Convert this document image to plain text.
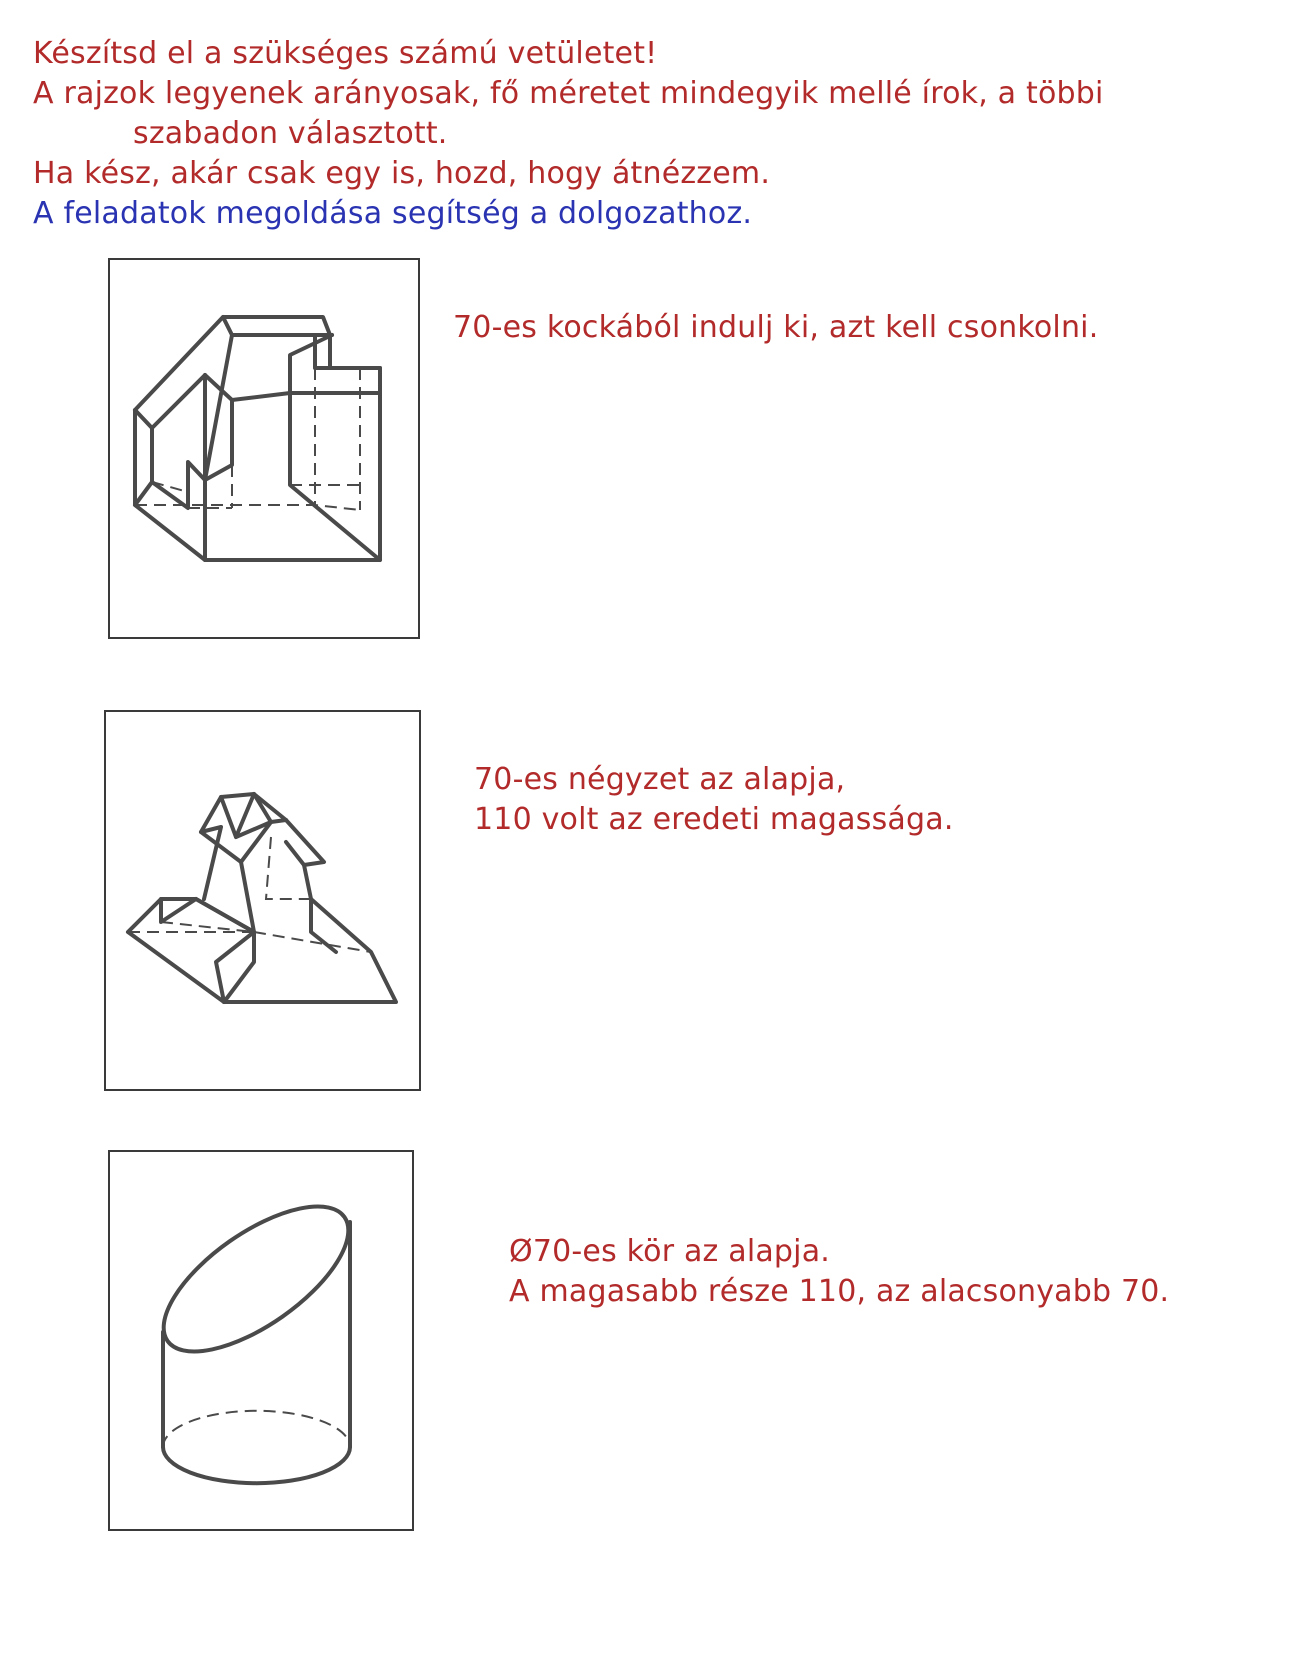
Készítsd el a szükséges számú vetületet!
A rajzok legyenek arányosak, fő méretet mindegyik mellé írok, a többi
szabadon választott.
Ha kész, akár csak egy is, hozd, hogy átnézzem.
A feladatok megoldása segítség a dolgozathoz.
70-es kockából indulj ki, azt kell csonkolni.
70-es négyzet az alapja,
110 volt az eredeti magassága.
Ø70-es kör az alapja.
A magasabb része 110, az alacsonyabb 70.
